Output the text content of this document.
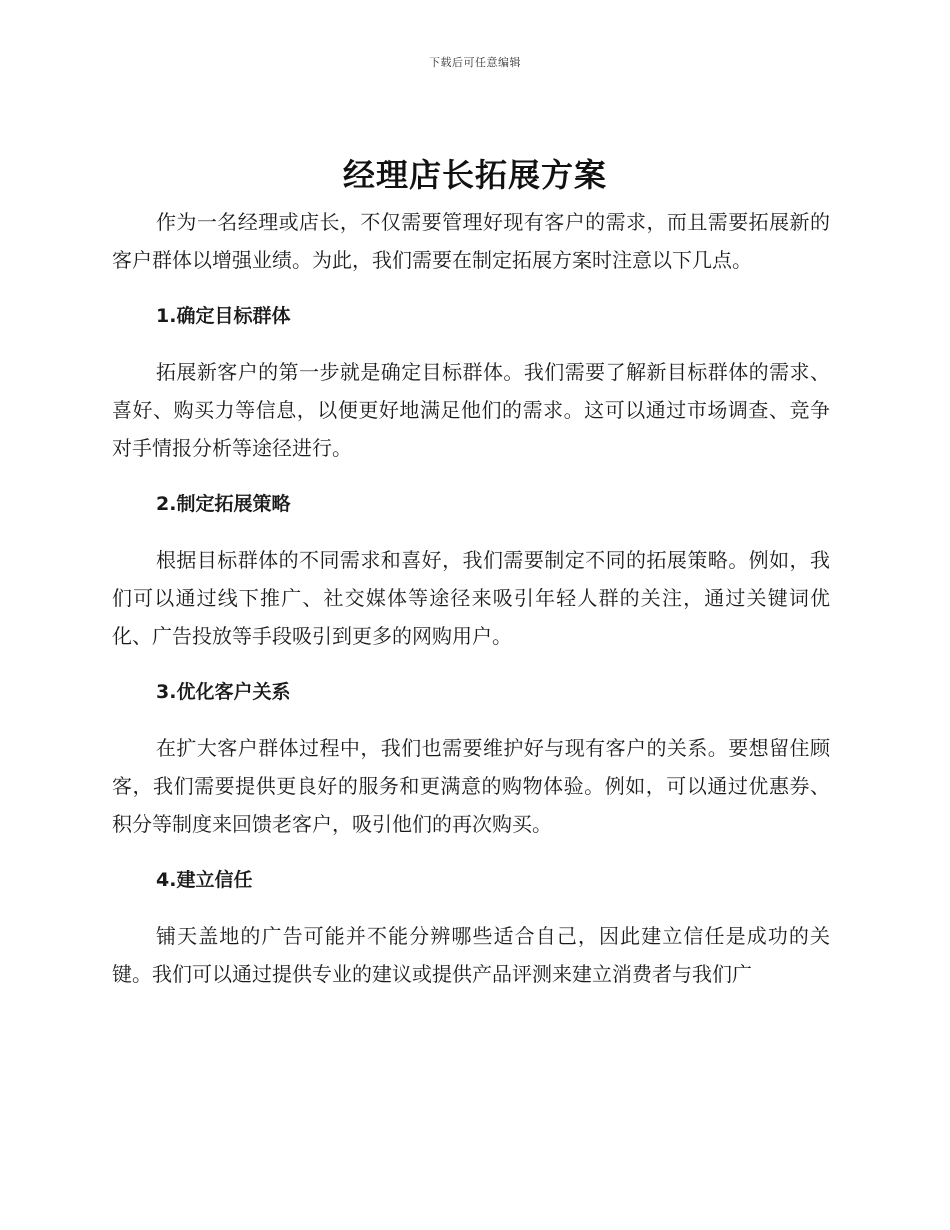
下载后可任意编辑
经理店长拓展方案

作为一名经理或店长，不仅需要管理好现有客户的需求，而且需要拓展新的客户群体以增强业绩。为此，我们需要在制定拓展方案时注意以下几点。

1.确定目标群体

拓展新客户的第一步就是确定目标群体。我们需要了解新目标群体的需求、喜好、购买力等信息，以便更好地满足他们的需求。这可以通过市场调查、竞争对手情报分析等途径进行。

2.制定拓展策略

根据目标群体的不同需求和喜好，我们需要制定不同的拓展策略。例如，我们可以通过线下推广、社交媒体等途径来吸引年轻人群的关注，通过关键词优化、广告投放等手段吸引到更多的网购用户。

3.优化客户关系

在扩大客户群体过程中，我们也需要维护好与现有客户的关系。要想留住顾客，我们需要提供更良好的服务和更满意的购物体验。例如，可以通过优惠券、积分等制度来回馈老客户，吸引他们的再次购买。

4.建立信任

铺天盖地的广告可能并不能分辨哪些适合自己，因此建立信任是成功的关键。我们可以通过提供专业的建议或提供产品评测来建立消费者与我们广
